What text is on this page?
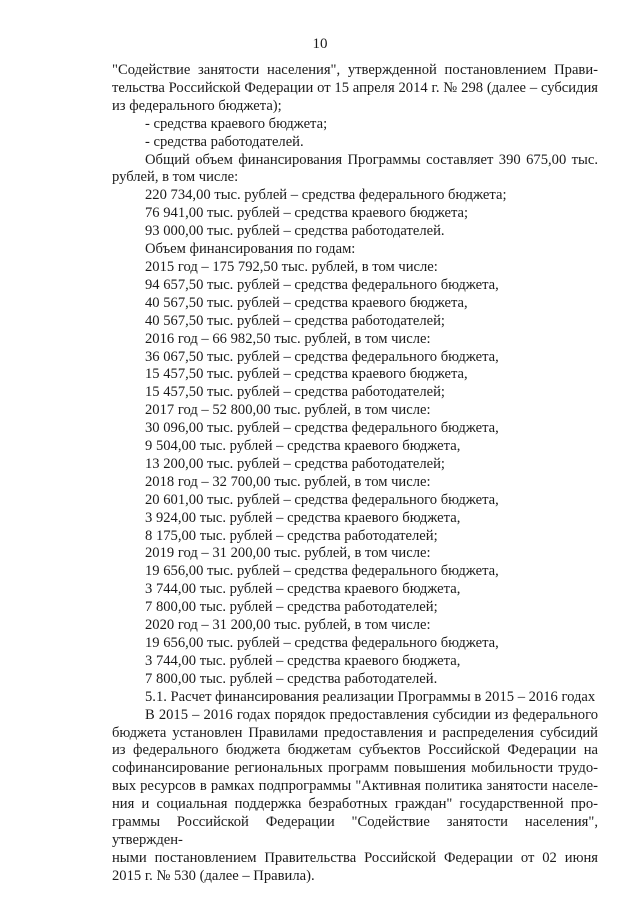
10
"Содействие занятости населения", утвержденной постановлением Прави-
тельства Российской Федерации от 15 апреля 2014 г. № 298 (далее – субсидия
из федерального бюджета);
- средства краевого бюджета;
- средства работодателей.
Общий объем финансирования Программы составляет 390 675,00 тыс.
рублей, в том числе:
220 734,00 тыс. рублей – средства федерального бюджета;
76 941,00 тыс. рублей – средства краевого бюджета;
93 000,00 тыс. рублей – средства работодателей.
Объем финансирования по годам:
2015 год – 175 792,50 тыс. рублей, в том числе:
94 657,50 тыс. рублей – средства федерального бюджета,
40 567,50 тыс. рублей – средства краевого бюджета,
40 567,50 тыс. рублей – средства работодателей;
2016 год – 66 982,50 тыс. рублей, в том числе:
36 067,50 тыс. рублей – средства федерального бюджета,
15 457,50 тыс. рублей – средства краевого бюджета,
15 457,50 тыс. рублей – средства работодателей;
2017 год – 52 800,00 тыс. рублей, в том числе:
30 096,00 тыс. рублей – средства федерального бюджета,
9 504,00 тыс. рублей – средства краевого бюджета,
13 200,00 тыс. рублей – средства работодателей;
2018 год – 32 700,00 тыс. рублей, в том числе:
20 601,00 тыс. рублей – средства федерального бюджета,
3 924,00 тыс. рублей – средства краевого бюджета,
8 175,00 тыс. рублей – средства работодателей;
2019 год – 31 200,00 тыс. рублей, в том числе:
19 656,00 тыс. рублей – средства федерального бюджета,
3 744,00 тыс. рублей – средства краевого бюджета,
7 800,00 тыс. рублей – средства работодателей;
2020 год – 31 200,00 тыс. рублей, в том числе:
19 656,00 тыс. рублей – средства федерального бюджета,
3 744,00 тыс. рублей – средства краевого бюджета,
7 800,00 тыс. рублей – средства работодателей.
5.1. Расчет финансирования реализации Программы в 2015 – 2016 годах
В 2015 – 2016 годах порядок предоставления субсидии из федерального
бюджета установлен Правилами предоставления и распределения субсидий
из федерального бюджета бюджетам субъектов Российской Федерации на
софинансирование региональных программ повышения мобильности трудо-
вых ресурсов в рамках подпрограммы "Активная политика занятости населе-
ния и социальная поддержка безработных граждан" государственной про-
граммы Российской Федерации "Содействие занятости населения", утвержден-
ными постановлением Правительства Российской Федерации от 02 июня
2015 г. № 530 (далее – Правила).
